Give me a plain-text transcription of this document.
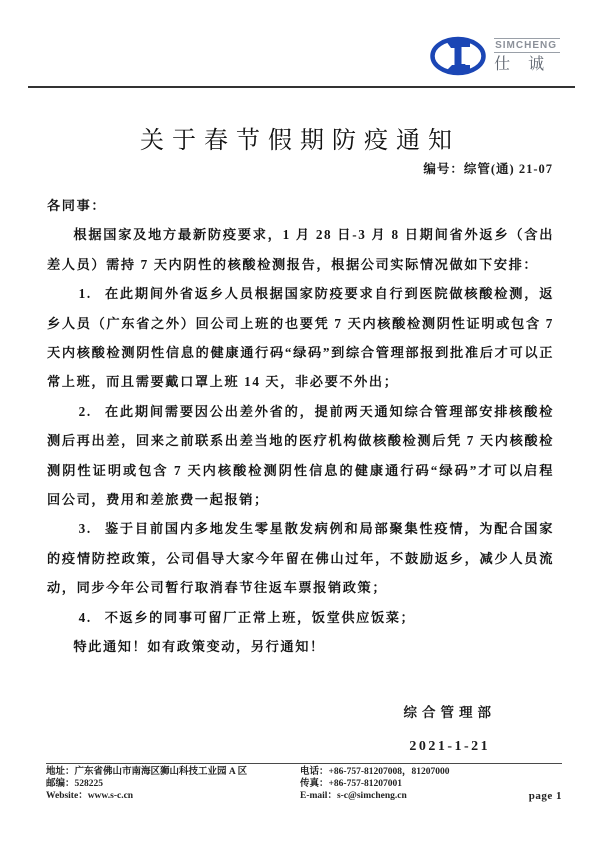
SIMCHENG
仕 诚
关于春节假期防疫通知
编号：综管(通) 21-07

各同事：

根据国家及地方最新防疫要求，1 月 28 日-3 月 8 日期间省外返乡（含出差人员）需持 7 天内阴性的核酸检测报告，根据公司实际情况做如下安排：

1. 在此期间外省返乡人员根据国家防疫要求自行到医院做核酸检测，返乡人员（广东省之外）回公司上班的也要凭 7 天内核酸检测阴性证明或包含 7 天内核酸检测阴性信息的健康通行码“绿码”到综合管理部报到批准后才可以正常上班，而且需要戴口罩上班 14 天，非必要不外出；

2. 在此期间需要因公出差外省的，提前两天通知综合管理部安排核酸检测后再出差，回来之前联系出差当地的医疗机构做核酸检测后凭 7 天内核酸检测阴性证明或包含 7 天内核酸检测阴性信息的健康通行码“绿码”才可以启程回公司，费用和差旅费一起报销；

3. 鉴于目前国内多地发生零星散发病例和局部聚集性疫情，为配合国家的疫情防控政策，公司倡导大家今年留在佛山过年，不鼓励返乡，减少人员流动，同步今年公司暂行取消春节往返车票报销政策；

4. 不返乡的同事可留厂正常上班，饭堂供应饭菜；

特此通知！如有政策变动，另行通知！

综合管理部
2021-1-21
地址：广东省佛山市南海区狮山科技工业园 A 区
邮编：528225
Website：www.s-c.cn
电话：+86-757-81207008，81207000
传真：+86-757-81207001
E-mail：s-c@simcheng.cn	page 1
